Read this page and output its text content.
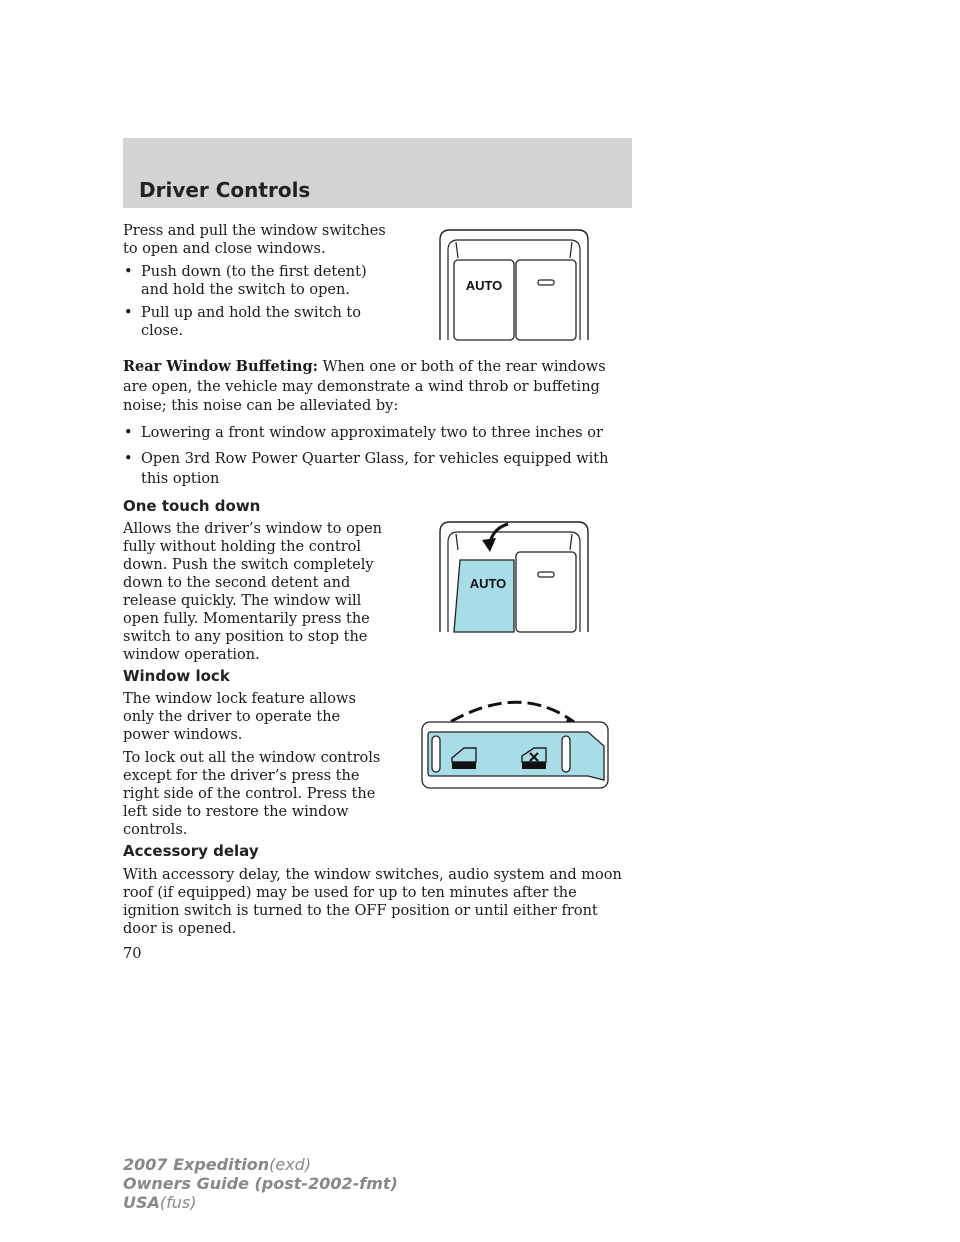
Driver Controls

Press and pull the window switches to open and close windows.

• Push down (to the first detent) and hold the switch to open.
• Pull up and hold the switch to close.
AUTO

Rear Window Buffeting: When one or both of the rear windows are open, the vehicle may demonstrate a wind throb or buffeting noise; this noise can be alleviated by:

• Lowering a front window approximately two to three inches or
• Open 3rd Row Power Quarter Glass, for vehicles equipped with this option
One touch down

Allows the driver’s window to open fully without holding the control down. Push the switch completely down to the second detent and release quickly. The window will open fully. Momentarily press the switch to any position to stop the window operation.

AUTO
Window lock

The window lock feature allows only the driver to operate the power windows.

To lock out all the window controls except for the driver’s press the right side of the control. Press the left side to restore the window controls.

Accessory delay

With accessory delay, the window switches, audio system and moon roof (if equipped) may be used for up to ten minutes after the ignition switch is turned to the OFF position or until either front door is opened.

70
2007 Expedition(exd)
Owners Guide (post-2002-fmt)
USA(fus)
